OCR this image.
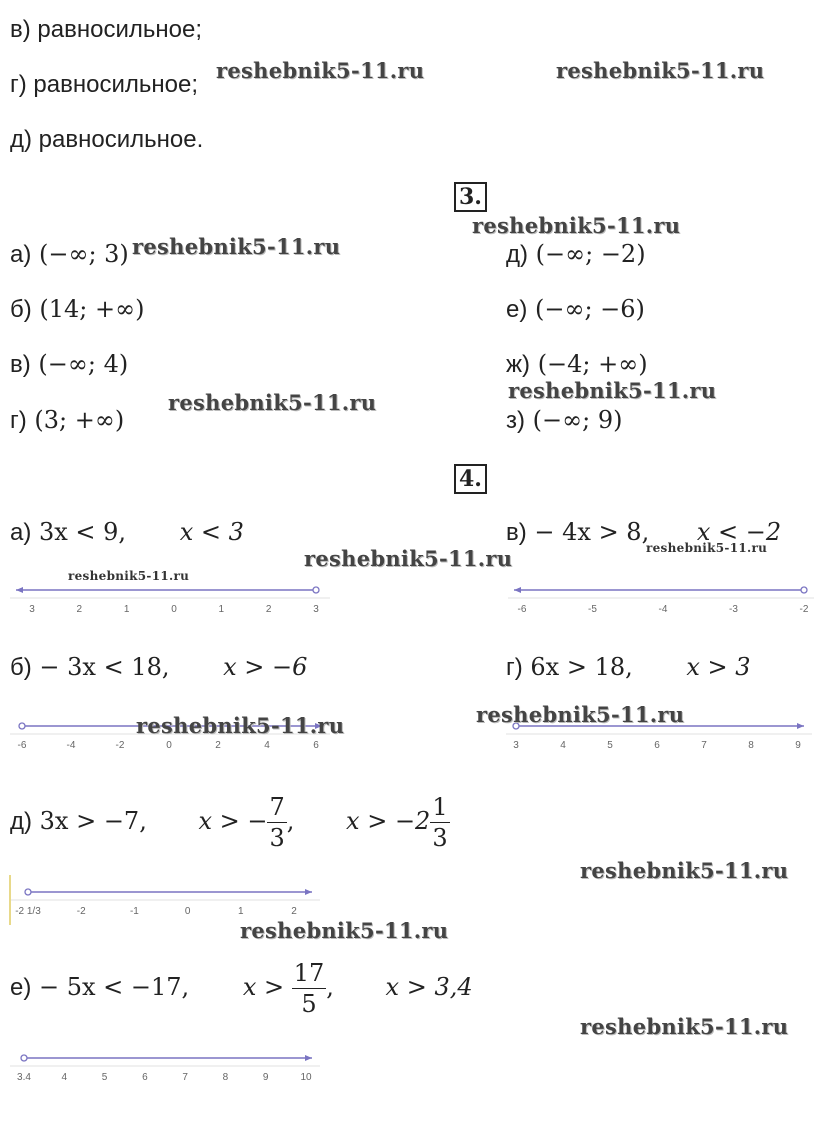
в) равносильное;
г) равносильное;
д) равносильное.
3.
а) (−∞; 3)
б) (14; +∞)
в) (−∞; 4)
г) (3; +∞)
д) (−∞; −2)
е) (−∞; −6)
ж) (−4; +∞)
з) (−∞; 9)
4.
а) 3x < 9, x < 3	в) − 4x > 8, x < −2
3	2	1	0	1	2	3	-6	-5	-4	-3	-2
б) − 3x < 18, x > −6	г) 6x > 18, x > 3
-6	-4	-2	0	2	4	6	3	4	5	6	7	8	9
д) 3x > −7, x > − $\frac{7}{3}$ , $x > -2 \frac{1}{3}$
-2 1/3	-2	-1	0	1	2
е) − 5x < −17, $x > \frac{17}{5}$ , x > 3,4
3.4	4	5	6	7	8	9	10
reshebnik5-11.ru	reshebnik5-11.ru
reshebnik5-11.ru
reshebnik5-11.ru
reshebnik5-11.ru
reshebnik5-11.ru
reshebnik5-11.ru
reshebnik5-11.ru
reshebnik5-11.ru
reshebnik5-11.ru
reshebnik5-11.ru
reshebnik5-11.ru
reshebnik5-11.ru
reshebnik5-11.ru
